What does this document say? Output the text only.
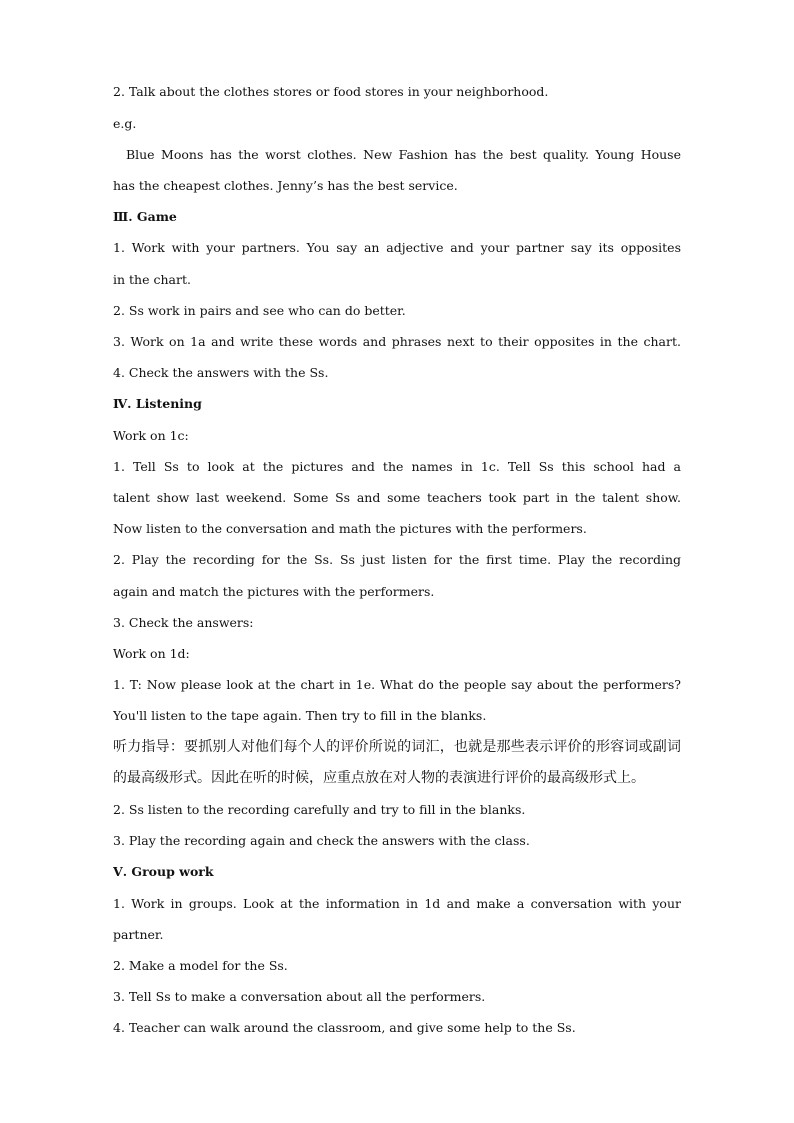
2. Talk about the clothes stores or food stores in your neighborhood.
e.g.
Blue Moons has the worst clothes. New Fashion has the best quality. Young House
has the cheapest clothes. Jenny’s has the best service.
Ⅲ. Game
1. Work with your partners. You say an adjective and your partner say its opposites
in the chart.
2. Ss work in pairs and see who can do better.
3. Work on 1a and write these words and phrases next to their opposites in the chart.
4. Check the answers with the Ss.
Ⅳ. Listening
Work on 1c:
1. Tell Ss to look at the pictures and the names in 1c. Tell Ss this school had a
talent show last weekend. Some Ss and some teachers took part in the talent show.
Now listen to the conversation and math the pictures with the performers.
2. Play the recording for the Ss. Ss just listen for the first time. Play the recording
again and match the pictures with the performers.
3. Check the answers:
Work on 1d:
1. T: Now please look at the chart in 1e. What do the people say about the performers?
You'll listen to the tape again. Then try to fill in the blanks.
听力指导：要抓别人对他们每个人的评价所说的词汇，也就是那些表示评价的形容词或副词
的最高级形式。因此在听的时候，应重点放在对人物的表演进行评价的最高级形式上。
2. Ss listen to the recording carefully and try to fill in the blanks.
3. Play the recording again and check the answers with the class.
Ⅴ. Group work
1. Work in groups. Look at the information in 1d and make a conversation with your
partner.
2. Make a model for the Ss.
3. Tell Ss to make a conversation about all the performers.
4. Teacher can walk around the classroom, and give some help to the Ss.
